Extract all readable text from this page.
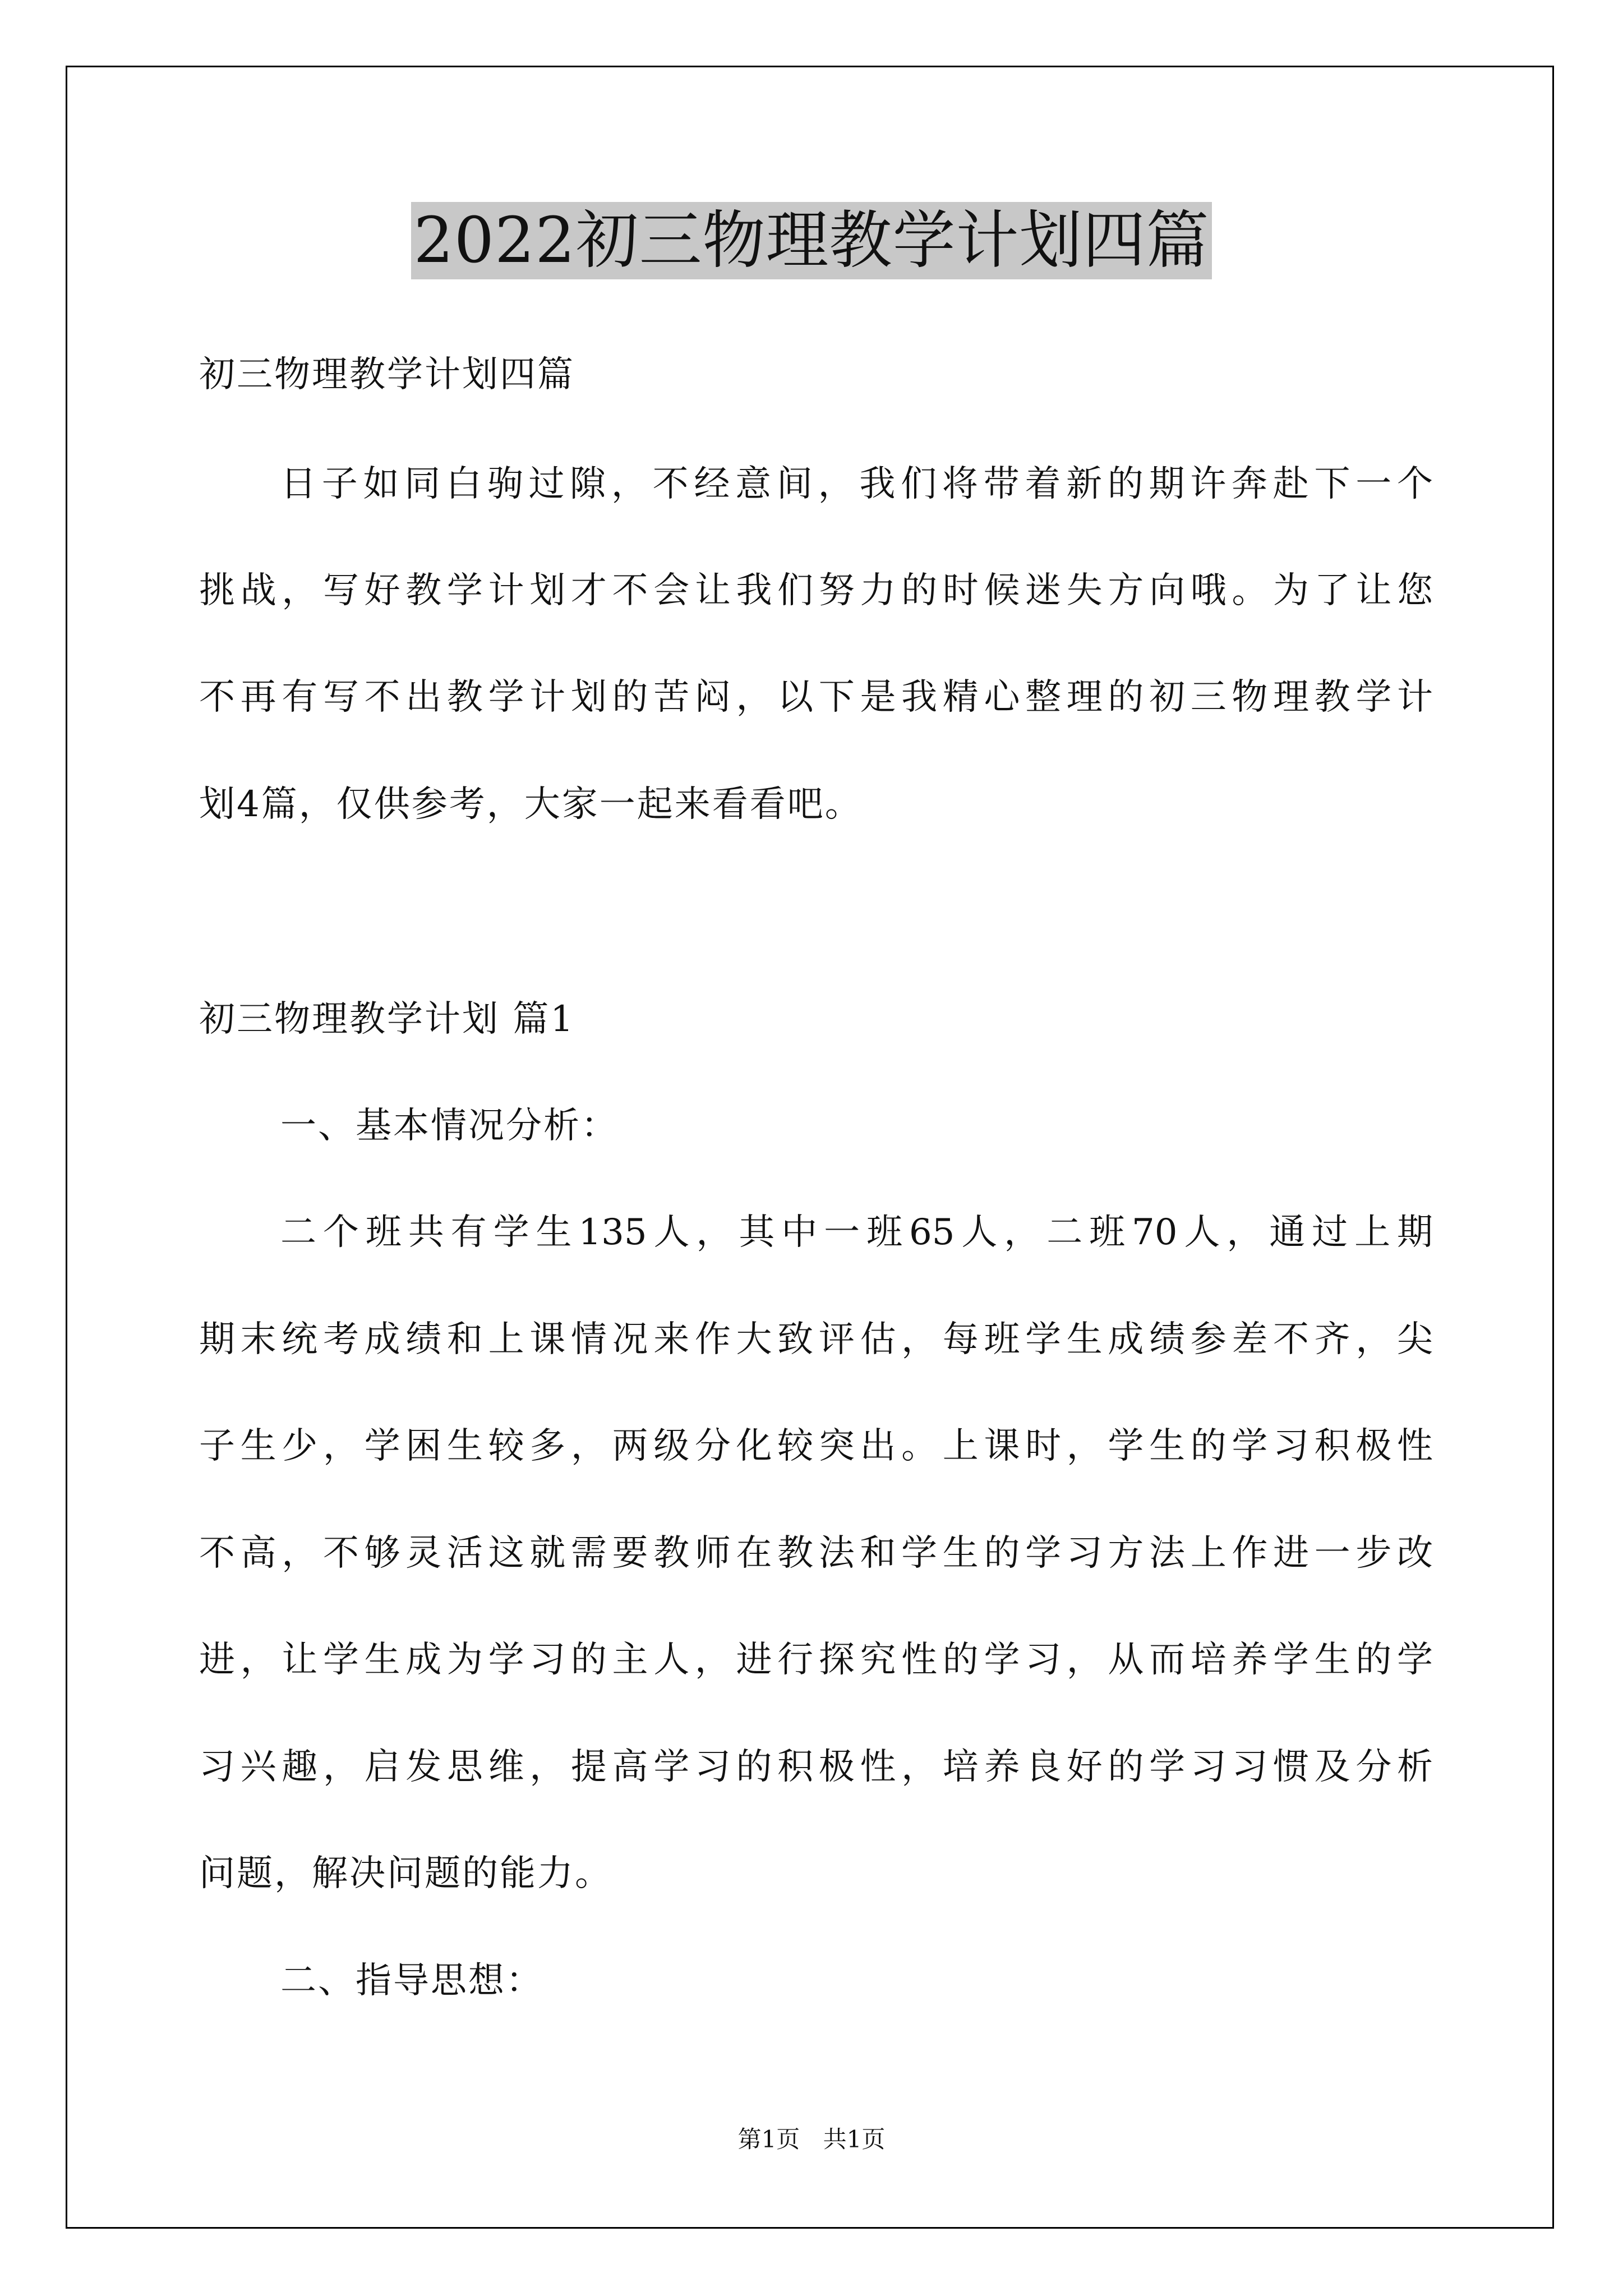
2022初三物理教学计划四篇
初三物理教学计划四篇
日子如同白驹过隙，不经意间，我们将带着新的期许奔赴下一个
挑战，写好教学计划才不会让我们努力的时候迷失方向哦。为了让您
不再有写不出教学计划的苦闷，以下是我精心整理的初三物理教学计
划4篇，仅供参考，大家一起来看看吧。
初三物理教学计划 篇1
一、基本情况分析：
二个班共有学生135人，其中一班65人，二班70人，通过上期
期末统考成绩和上课情况来作大致评估，每班学生成绩参差不齐，尖
子生少，学困生较多，两级分化较突出。上课时，学生的学习积极性
不高，不够灵活这就需要教师在教法和学生的学习方法上作进一步改
进，让学生成为学习的主人，进行探究性的学习，从而培养学生的学
习兴趣，启发思维，提高学习的积极性，培养良好的学习习惯及分析
问题，解决问题的能力。
二、指导思想：
第1页 共1页
